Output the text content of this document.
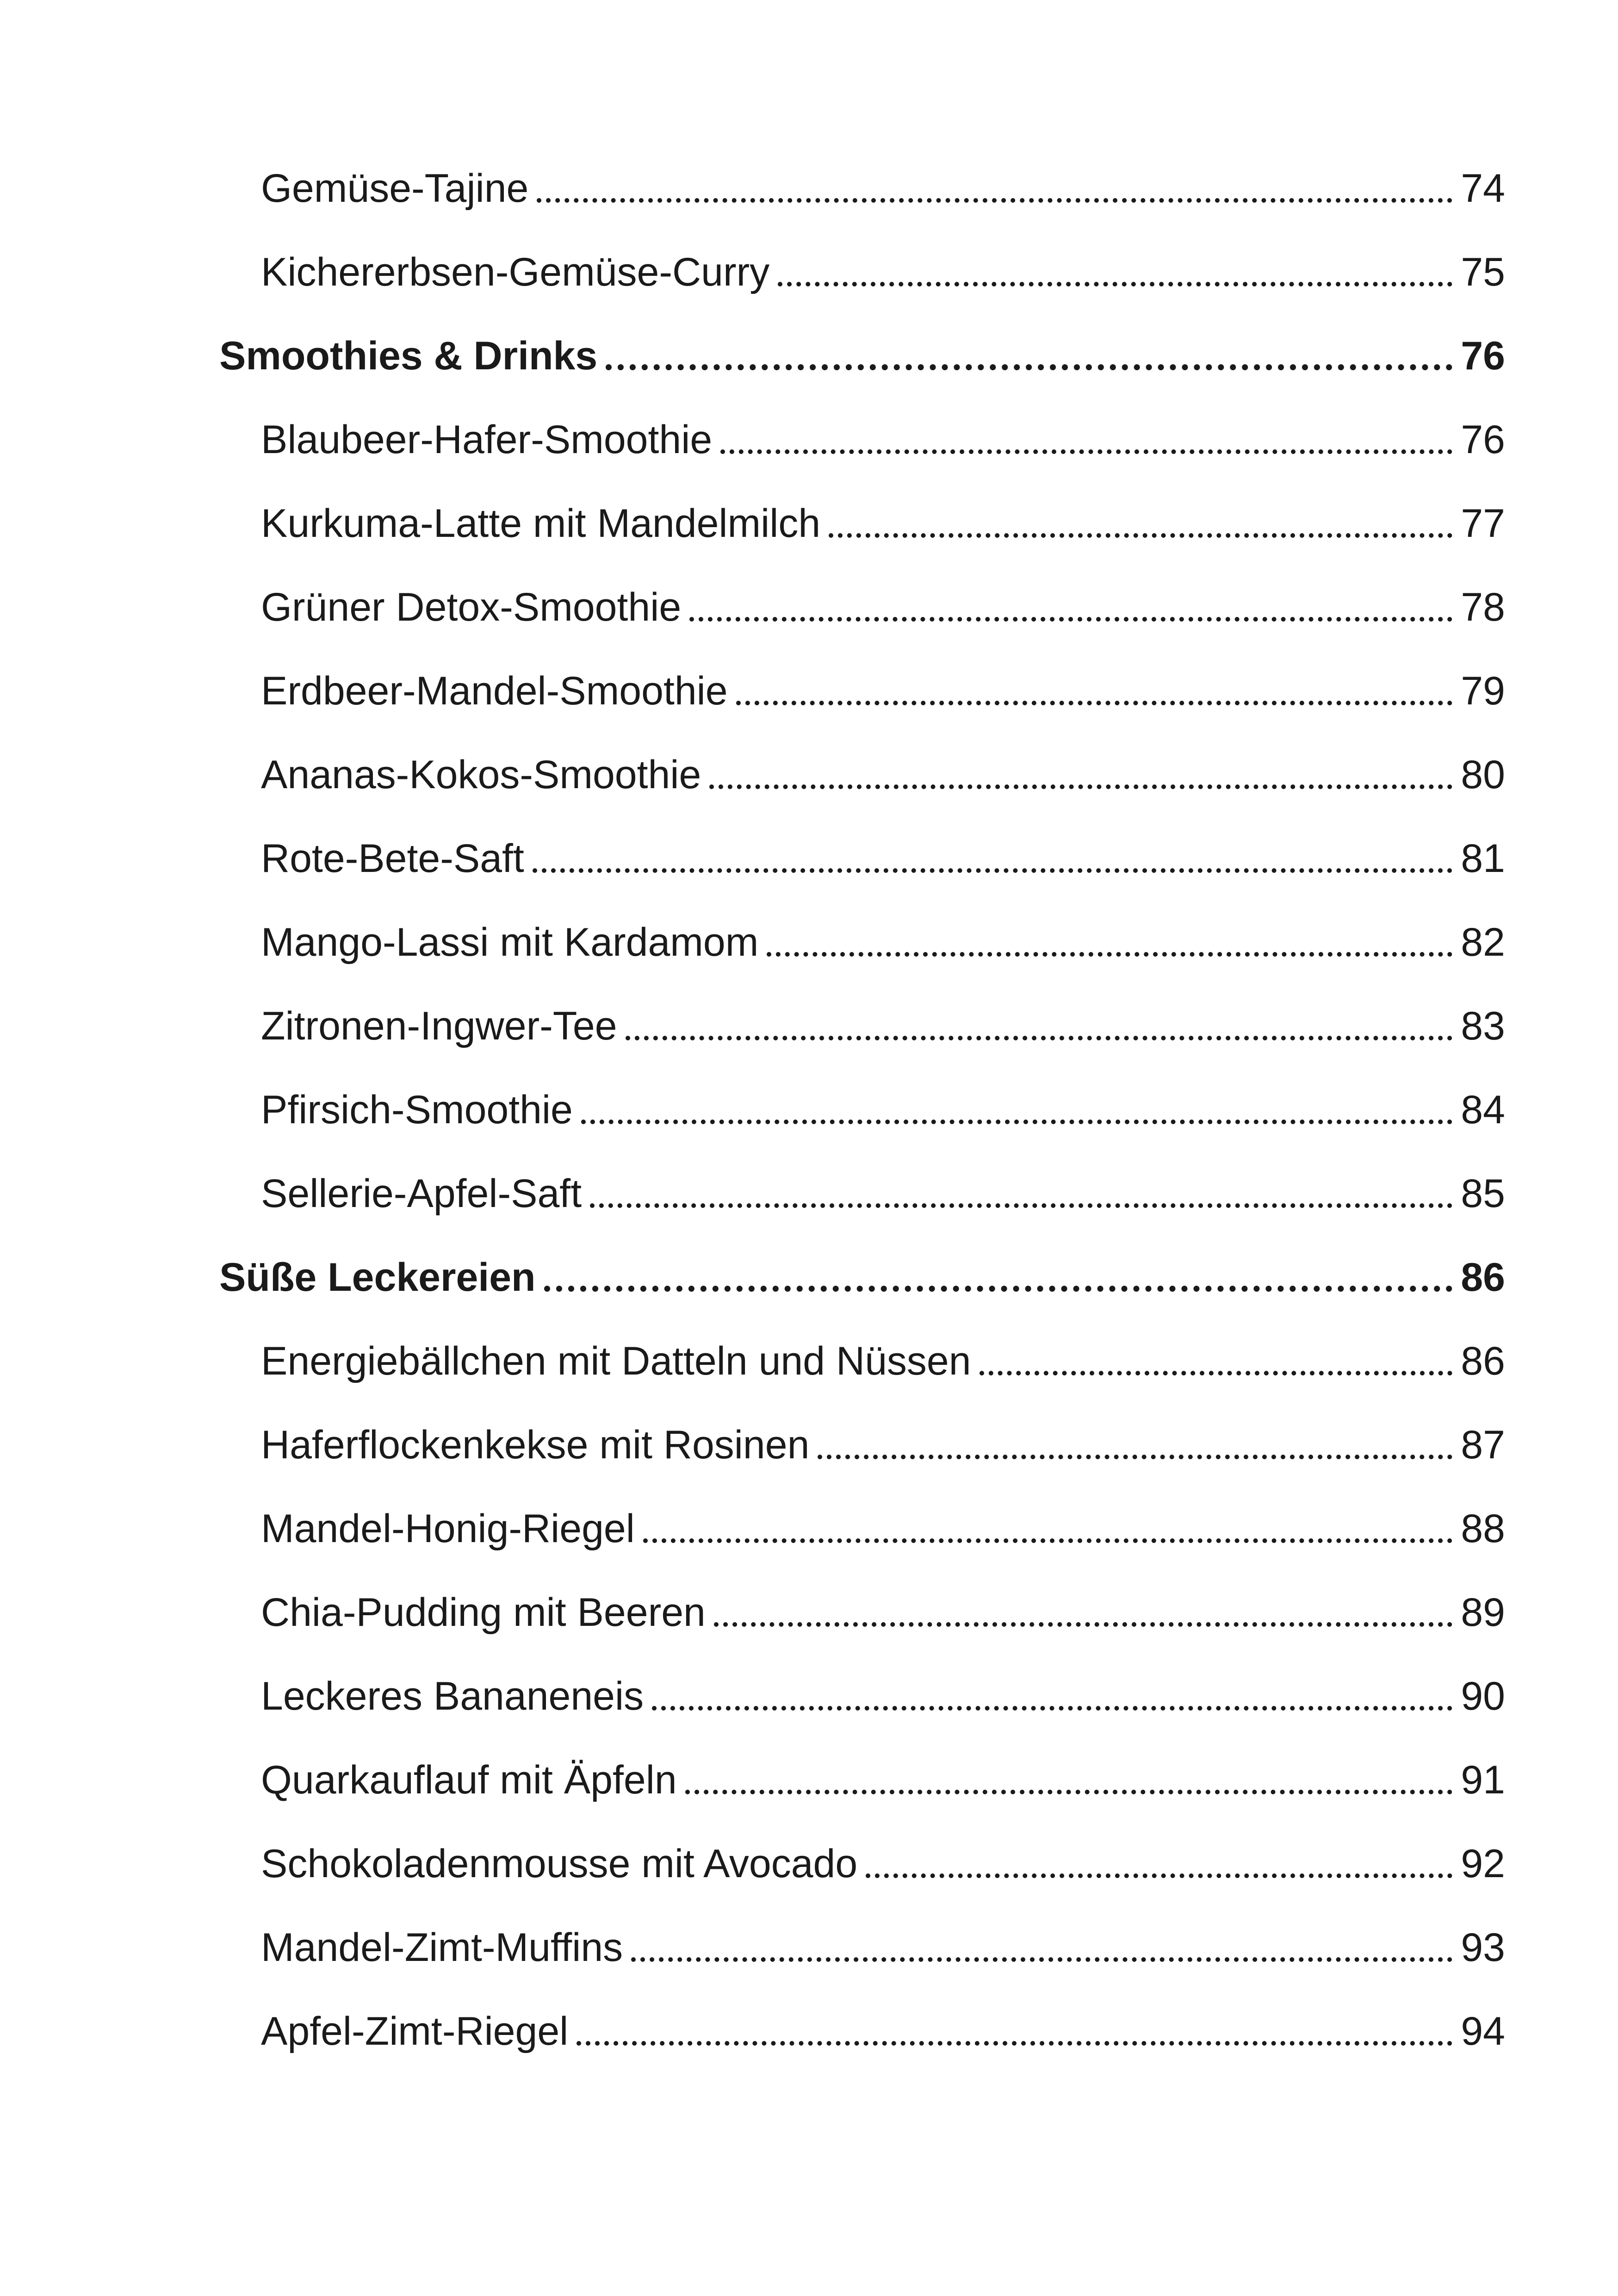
Gemüse-Tajine	74
Kichererbsen-Gemüse-Curry	75
Smoothies & Drinks	76
Blaubeer-Hafer-Smoothie	76
Kurkuma-Latte mit Mandelmilch	77
Grüner Detox-Smoothie	78
Erdbeer-Mandel-Smoothie	79
Ananas-Kokos-Smoothie	80
Rote-Bete-Saft	81
Mango-Lassi mit Kardamom	82
Zitronen-Ingwer-Tee	83
Pfirsich-Smoothie	84
Sellerie-Apfel-Saft	85
Süße Leckereien	86
Energiebällchen mit Datteln und Nüssen	86
Haferflockenkekse mit Rosinen	87
Mandel-Honig-Riegel	88
Chia-Pudding mit Beeren	89
Leckeres Bananeneis	90
Quarkauflauf mit Äpfeln	91
Schokoladenmousse mit Avocado	92
Mandel-Zimt-Muffins	93
Apfel-Zimt-Riegel	94
